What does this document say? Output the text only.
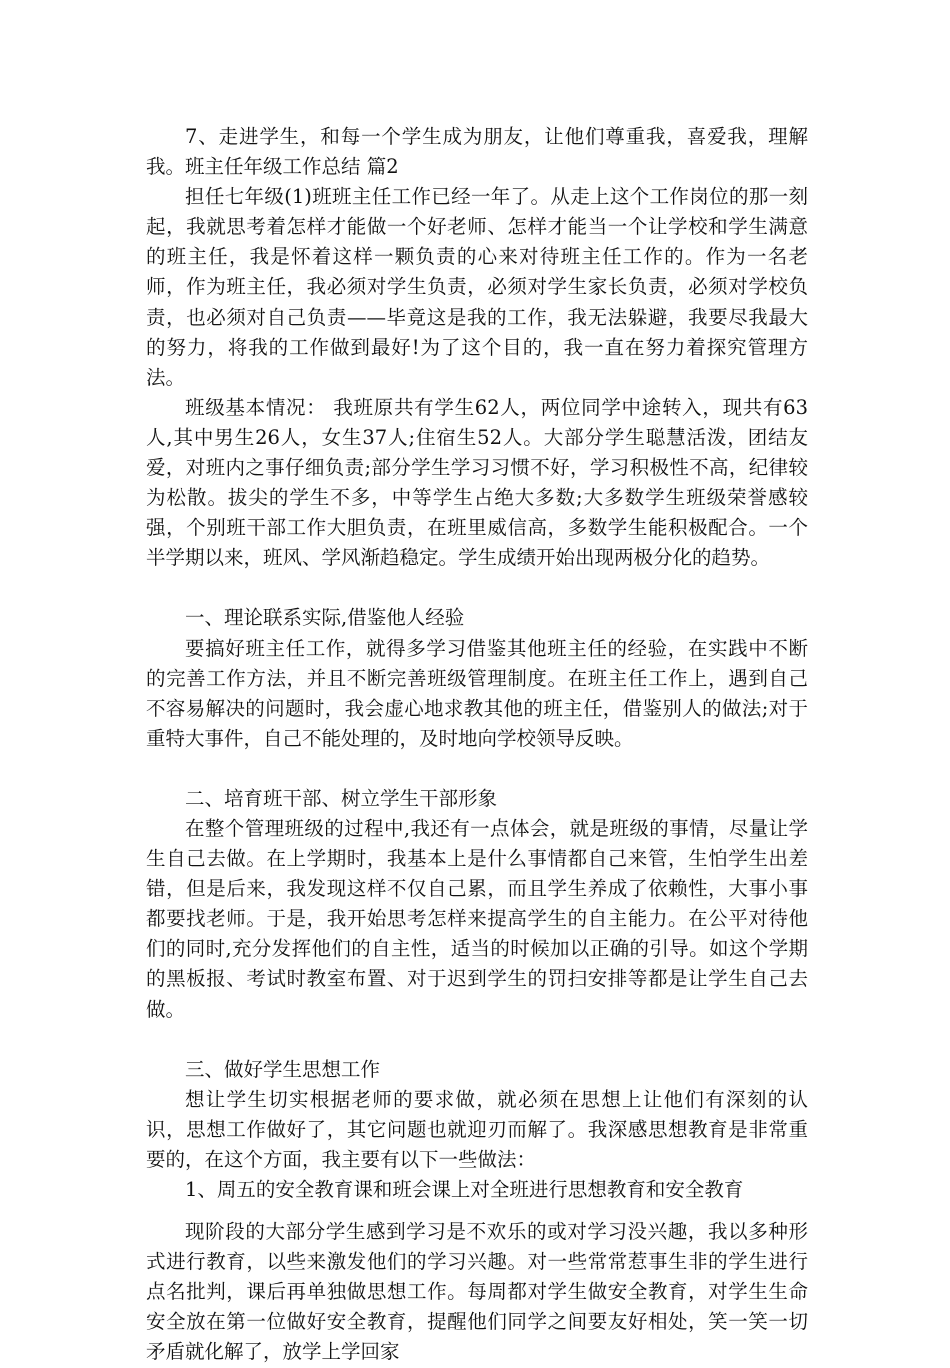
7、走进学生，和每一个学生成为朋友，让他们尊重我，喜爱我，理解我。班主任年级工作总结 篇2

担任七年级(1)班班主任工作已经一年了。从走上这个工作岗位的那一刻起，我就思考着怎样才能做一个好老师、怎样才能当一个让学校和学生满意的班主任，我是怀着这样一颗负责的心来对待班主任工作的。作为一名老师，作为班主任，我必须对学生负责，必须对学生家长负责，必须对学校负责，也必须对自己负责——毕竟这是我的工作，我无法躲避，我要尽我最大的努力，将我的工作做到最好!为了这个目的，我一直在努力着探究管理方法。

班级基本情况： 我班原共有学生62人，两位同学中途转入，现共有63人,其中男生26人，女生37人;住宿生52人。大部分学生聪慧活泼，团结友爱，对班内之事仔细负责;部分学生学习习惯不好，学习积极性不高，纪律较为松散。拔尖的学生不多，中等学生占绝大多数;大多数学生班级荣誉感较强，个别班干部工作大胆负责，在班里威信高，多数学生能积极配合。一个半学期以来，班风、学风渐趋稳定。学生成绩开始出现两极分化的趋势。

一、理论联系实际,借鉴他人经验

要搞好班主任工作，就得多学习借鉴其他班主任的经验，在实践中不断的完善工作方法，并且不断完善班级管理制度。在班主任工作上，遇到自己不容易解决的问题时，我会虚心地求教其他的班主任，借鉴别人的做法;对于重特大事件，自己不能处理的，及时地向学校领导反映。

二、培育班干部、树立学生干部形象

在整个管理班级的过程中,我还有一点体会，就是班级的事情，尽量让学生自己去做。在上学期时，我基本上是什么事情都自己来管，生怕学生出差错，但是后来，我发现这样不仅自己累，而且学生养成了依赖性，大事小事都要找老师。于是，我开始思考怎样来提高学生的自主能力。在公平对待他们的同时,充分发挥他们的自主性，适当的时候加以正确的引导。如这个学期的黑板报、考试时教室布置、对于迟到学生的罚扫安排等都是让学生自己去做。

三、做好学生思想工作

想让学生切实根据老师的要求做，就必须在思想上让他们有深刻的认识，思想工作做好了，其它问题也就迎刃而解了。我深感思想教育是非常重要的，在这个方面，我主要有以下一些做法：

1、周五的安全教育课和班会课上对全班进行思想教育和安全教育

现阶段的大部分学生感到学习是不欢乐的或对学习没兴趣，我以多种形式进行教育，以些来激发他们的学习兴趣。对一些常常惹事生非的学生进行点名批判，课后再单独做思想工作。每周都对学生做安全教育，对学生生命安全放在第一位做好安全教育，提醒他们同学之间要友好相处，笑一笑一切矛盾就化解了，放学上学回家
